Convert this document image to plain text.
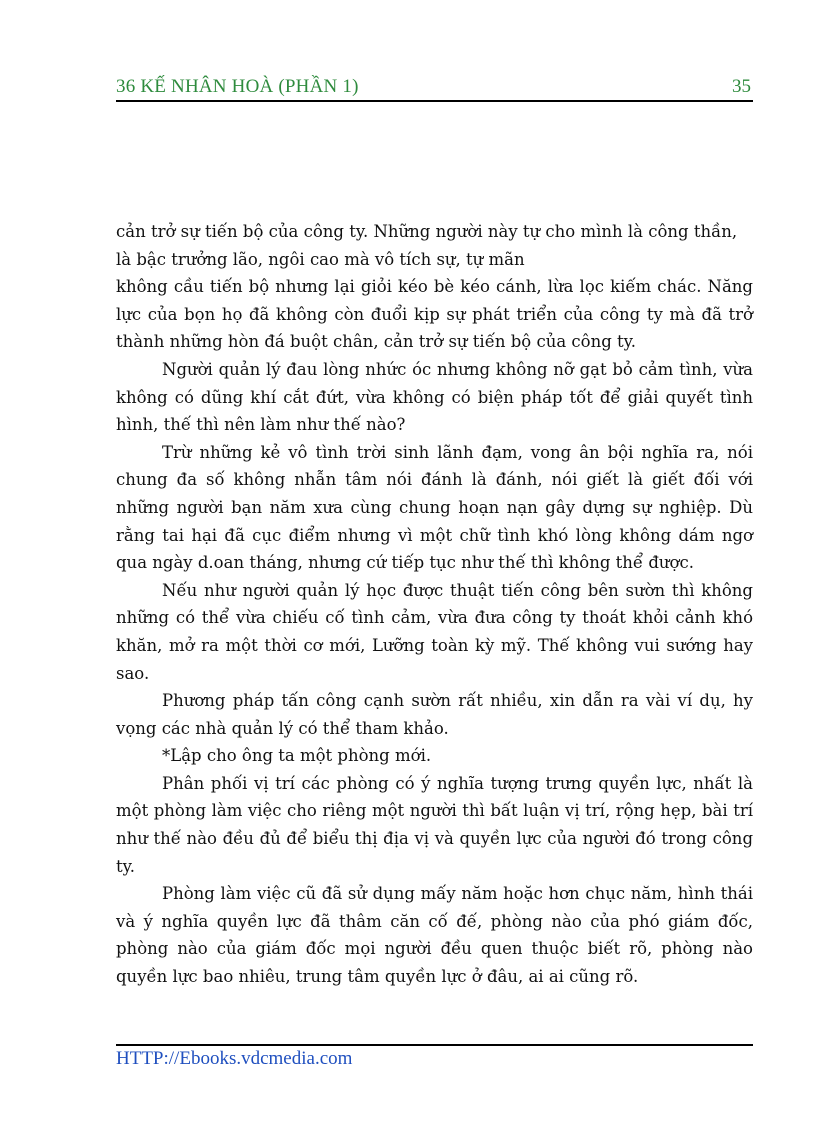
36 KẾ NHÂN HOÀ (PHẦN 1)	35

cản trở sự tiến bộ của công ty. Những người này tự cho mình là công thần, là bậc trưởng lão, ngôi cao mà vô tích sự, tự mãn

không cầu tiến bộ nhưng lại giỏi kéo bè kéo cánh, lừa lọc kiếm chác. Năng lực của bọn họ đã không còn đuổi kịp sự phát triển của công ty mà đã trở thành những hòn đá buột chân, cản trở sự tiến bộ của công ty.

Người quản lý đau lòng nhức óc nhưng không nỡ gạt bỏ cảm tình, vừa không có dũng khí cắt đứt, vừa không có biện pháp tốt để giải quyết tình hình, thế thì nên làm như thế nào?

Trừ những kẻ vô tình trời sinh lãnh đạm, vong ân bội nghĩa ra, nói chung đa số không nhẫn tâm nói đánh là đánh, nói giết là giết đối với những người bạn năm xưa cùng chung hoạn nạn gây dựng sự nghiệp. Dù rằng tai hại đã cục điểm nhưng vì một chữ tình khó lòng không dám ngơ qua ngày d.oan tháng, nhưng cứ tiếp tục như thế thì không thể được.

Nếu như người quản lý học được thuật tiến công bên sườn thì không những có thể vừa chiếu cố tình cảm, vừa đưa công ty thoát khỏi cảnh khó khăn, mở ra một thời cơ mới, Lưỡng toàn kỳ mỹ. Thế không vui sướng hay sao.

Phương pháp tấn công cạnh sườn rất nhiều, xin dẫn ra vài ví dụ, hy vọng các nhà quản lý có thể tham khảo.

*Lập cho ông ta một phòng mới.

Phân phối vị trí các phòng có ý nghĩa tượng trưng quyền lực, nhất là một phòng làm việc cho riêng một người thì bất luận vị trí, rộng hẹp, bài trí như thế nào đều đủ để biểu thị địa vị và quyền lực của người đó trong công ty.

Phòng làm việc cũ đã sử dụng mấy năm hoặc hơn chục năm, hình thái và ý nghĩa quyền lực đã thâm căn cố đế, phòng nào của phó giám đốc, phòng nào của giám đốc mọi người đều quen thuộc biết rõ, phòng nào quyền lực bao nhiêu, trung tâm quyền lực ở đâu, ai ai cũng rõ.

HTTP://Ebooks.vdcmedia.com
